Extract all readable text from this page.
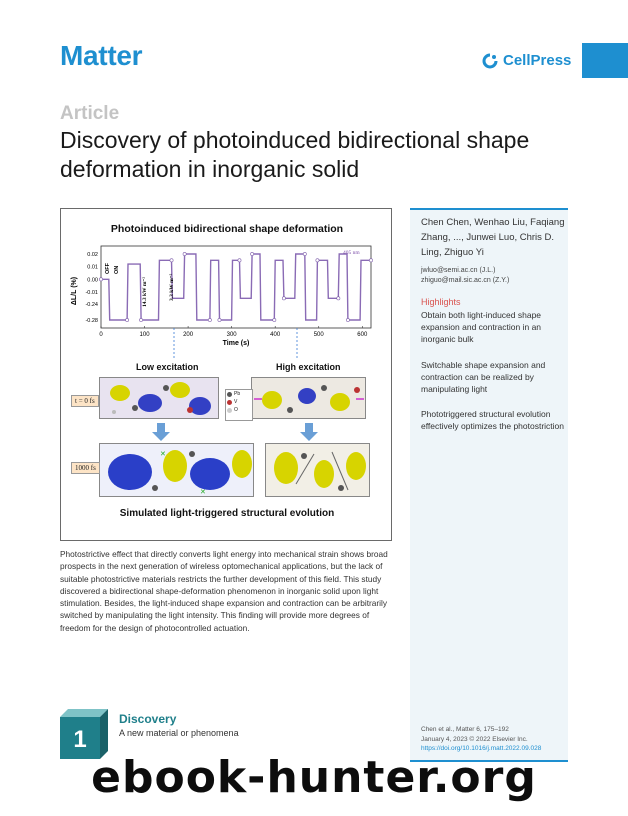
Matter	CellPress
Article
Discovery of photoinduced bidirectional shape deformation in inorganic solid
Photoinduced bidirectional shape deformation
0.02
0.01
0.00
-0.01
-0.24
-0.28
0	100	200	300	400	500	600
ΔL/L (%)
Time (s)
OFF ON
14.3 kW m⁻²	3.3 kW m⁻²
405 nm
Low excitation	High excitation
t = 0 fs
Pb
V
O
✕
✕
1000 fs
Simulated light-triggered structural evolution

Photostrictive effect that directly converts light energy into mechanical strain shows broad prospects in the next generation of wireless optomechanical applications, but the lack of suitable photostrictive materials restricts the further development of this field. This study discovered a bidirectional shape-deformation phenomenon in inorganic solid upon light stimulation. Besides, the light-induced shape expansion and contraction can be arbitrarily switched by manipulating the light intensity. This finding will provide more degrees of freedom for the design of photocontrolled actuation.

Chen Chen, Wenhao Liu, Faqiang Zhang, ..., Junwei Luo, Chris D. Ling, Zhiguo Yi
jwluo@semi.ac.cn (J.L.)
zhiguo@mail.sic.ac.cn (Z.Y.)
Highlights
Obtain both light-induced shape expansion and contraction in an inorganic bulk
Switchable shape expansion and contraction can be realized by manipulating light
Phototriggered structural evolution effectively optimizes the photostriction
Chen et al., Matter 6, 175–192
January 4, 2023 © 2022 Elsevier Inc.
https://doi.org/10.1016/j.matt.2022.09.028
1
Discovery
A new material or phenomena
ebook-hunter.org
